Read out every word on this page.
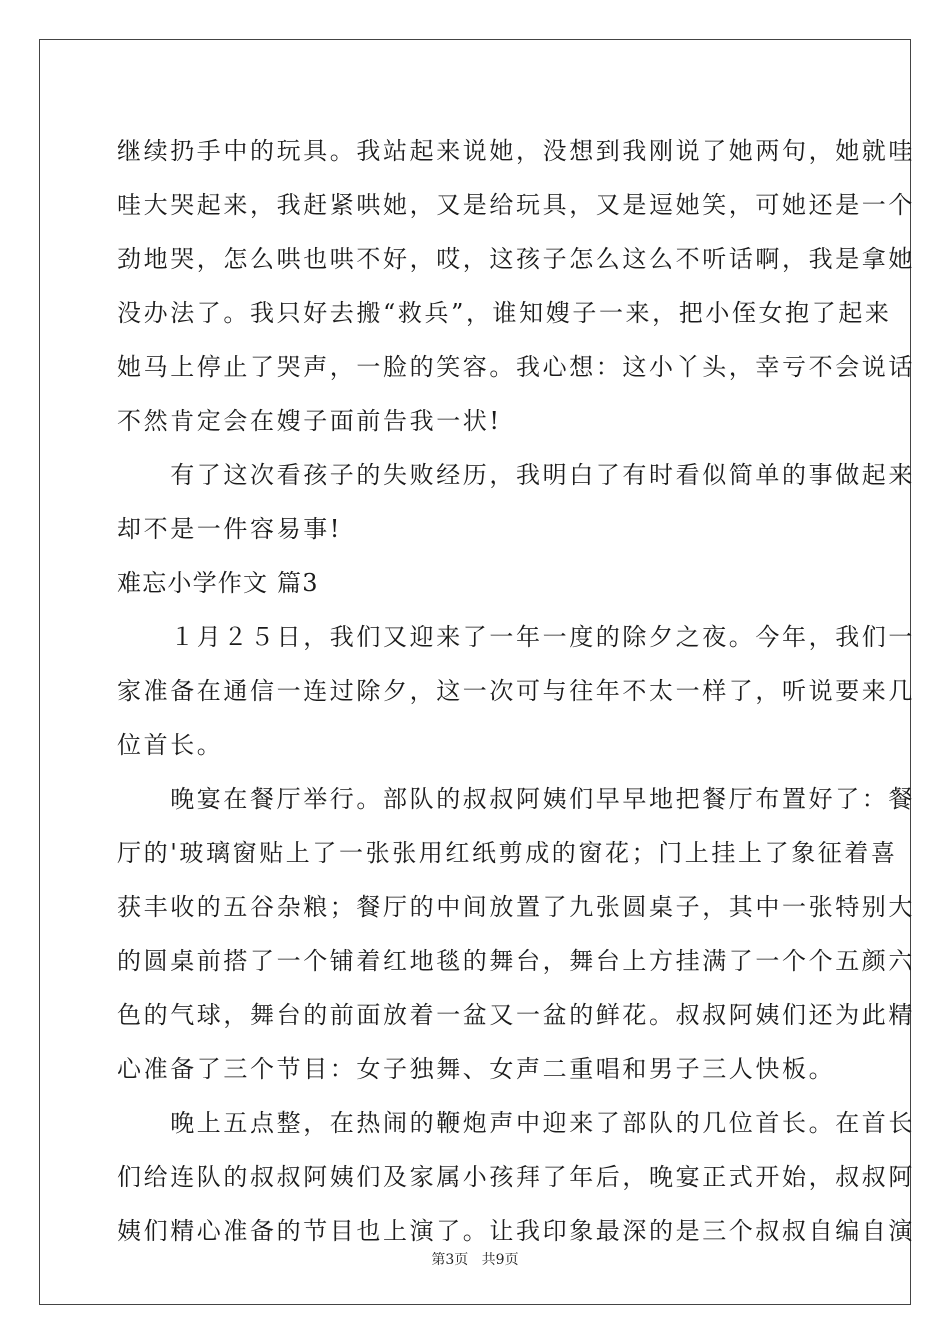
继续扔手中的玩具。我站起来说她，没想到我刚说了她两句，她就哇
哇大哭起来，我赶紧哄她，又是给玩具，又是逗她笑，可她还是一个
劲地哭，怎么哄也哄不好，哎，这孩子怎么这么不听话啊，我是拿她
没办法了。我只好去搬“救兵”，谁知嫂子一来，把小侄女抱了起来
她马上停止了哭声，一脸的笑容。我心想：这小丫头，幸亏不会说话
不然肯定会在嫂子面前告我一状!
　　有了这次看孩子的失败经历，我明白了有时看似简单的事做起来
却不是一件容易事!
难忘小学作文 篇3
　　１月２５日，我们又迎来了一年一度的除夕之夜。今年，我们一
家准备在通信一连过除夕，这一次可与往年不太一样了，听说要来几
位首长。
　　晚宴在餐厅举行。部队的叔叔阿姨们早早地把餐厅布置好了：餐
厅的'玻璃窗贴上了一张张用红纸剪成的窗花；门上挂上了象征着喜
获丰收的五谷杂粮；餐厅的中间放置了九张圆桌子，其中一张特别大
的圆桌前搭了一个铺着红地毯的舞台，舞台上方挂满了一个个五颜六
色的气球，舞台的前面放着一盆又一盆的鲜花。叔叔阿姨们还为此精
心准备了三个节目：女子独舞、女声二重唱和男子三人快板。
　　晚上五点整，在热闹的鞭炮声中迎来了部队的几位首长。在首长
们给连队的叔叔阿姨们及家属小孩拜了年后，晚宴正式开始，叔叔阿
姨们精心准备的节目也上演了。让我印象最深的是三个叔叔自编自演
第3页 共9页
